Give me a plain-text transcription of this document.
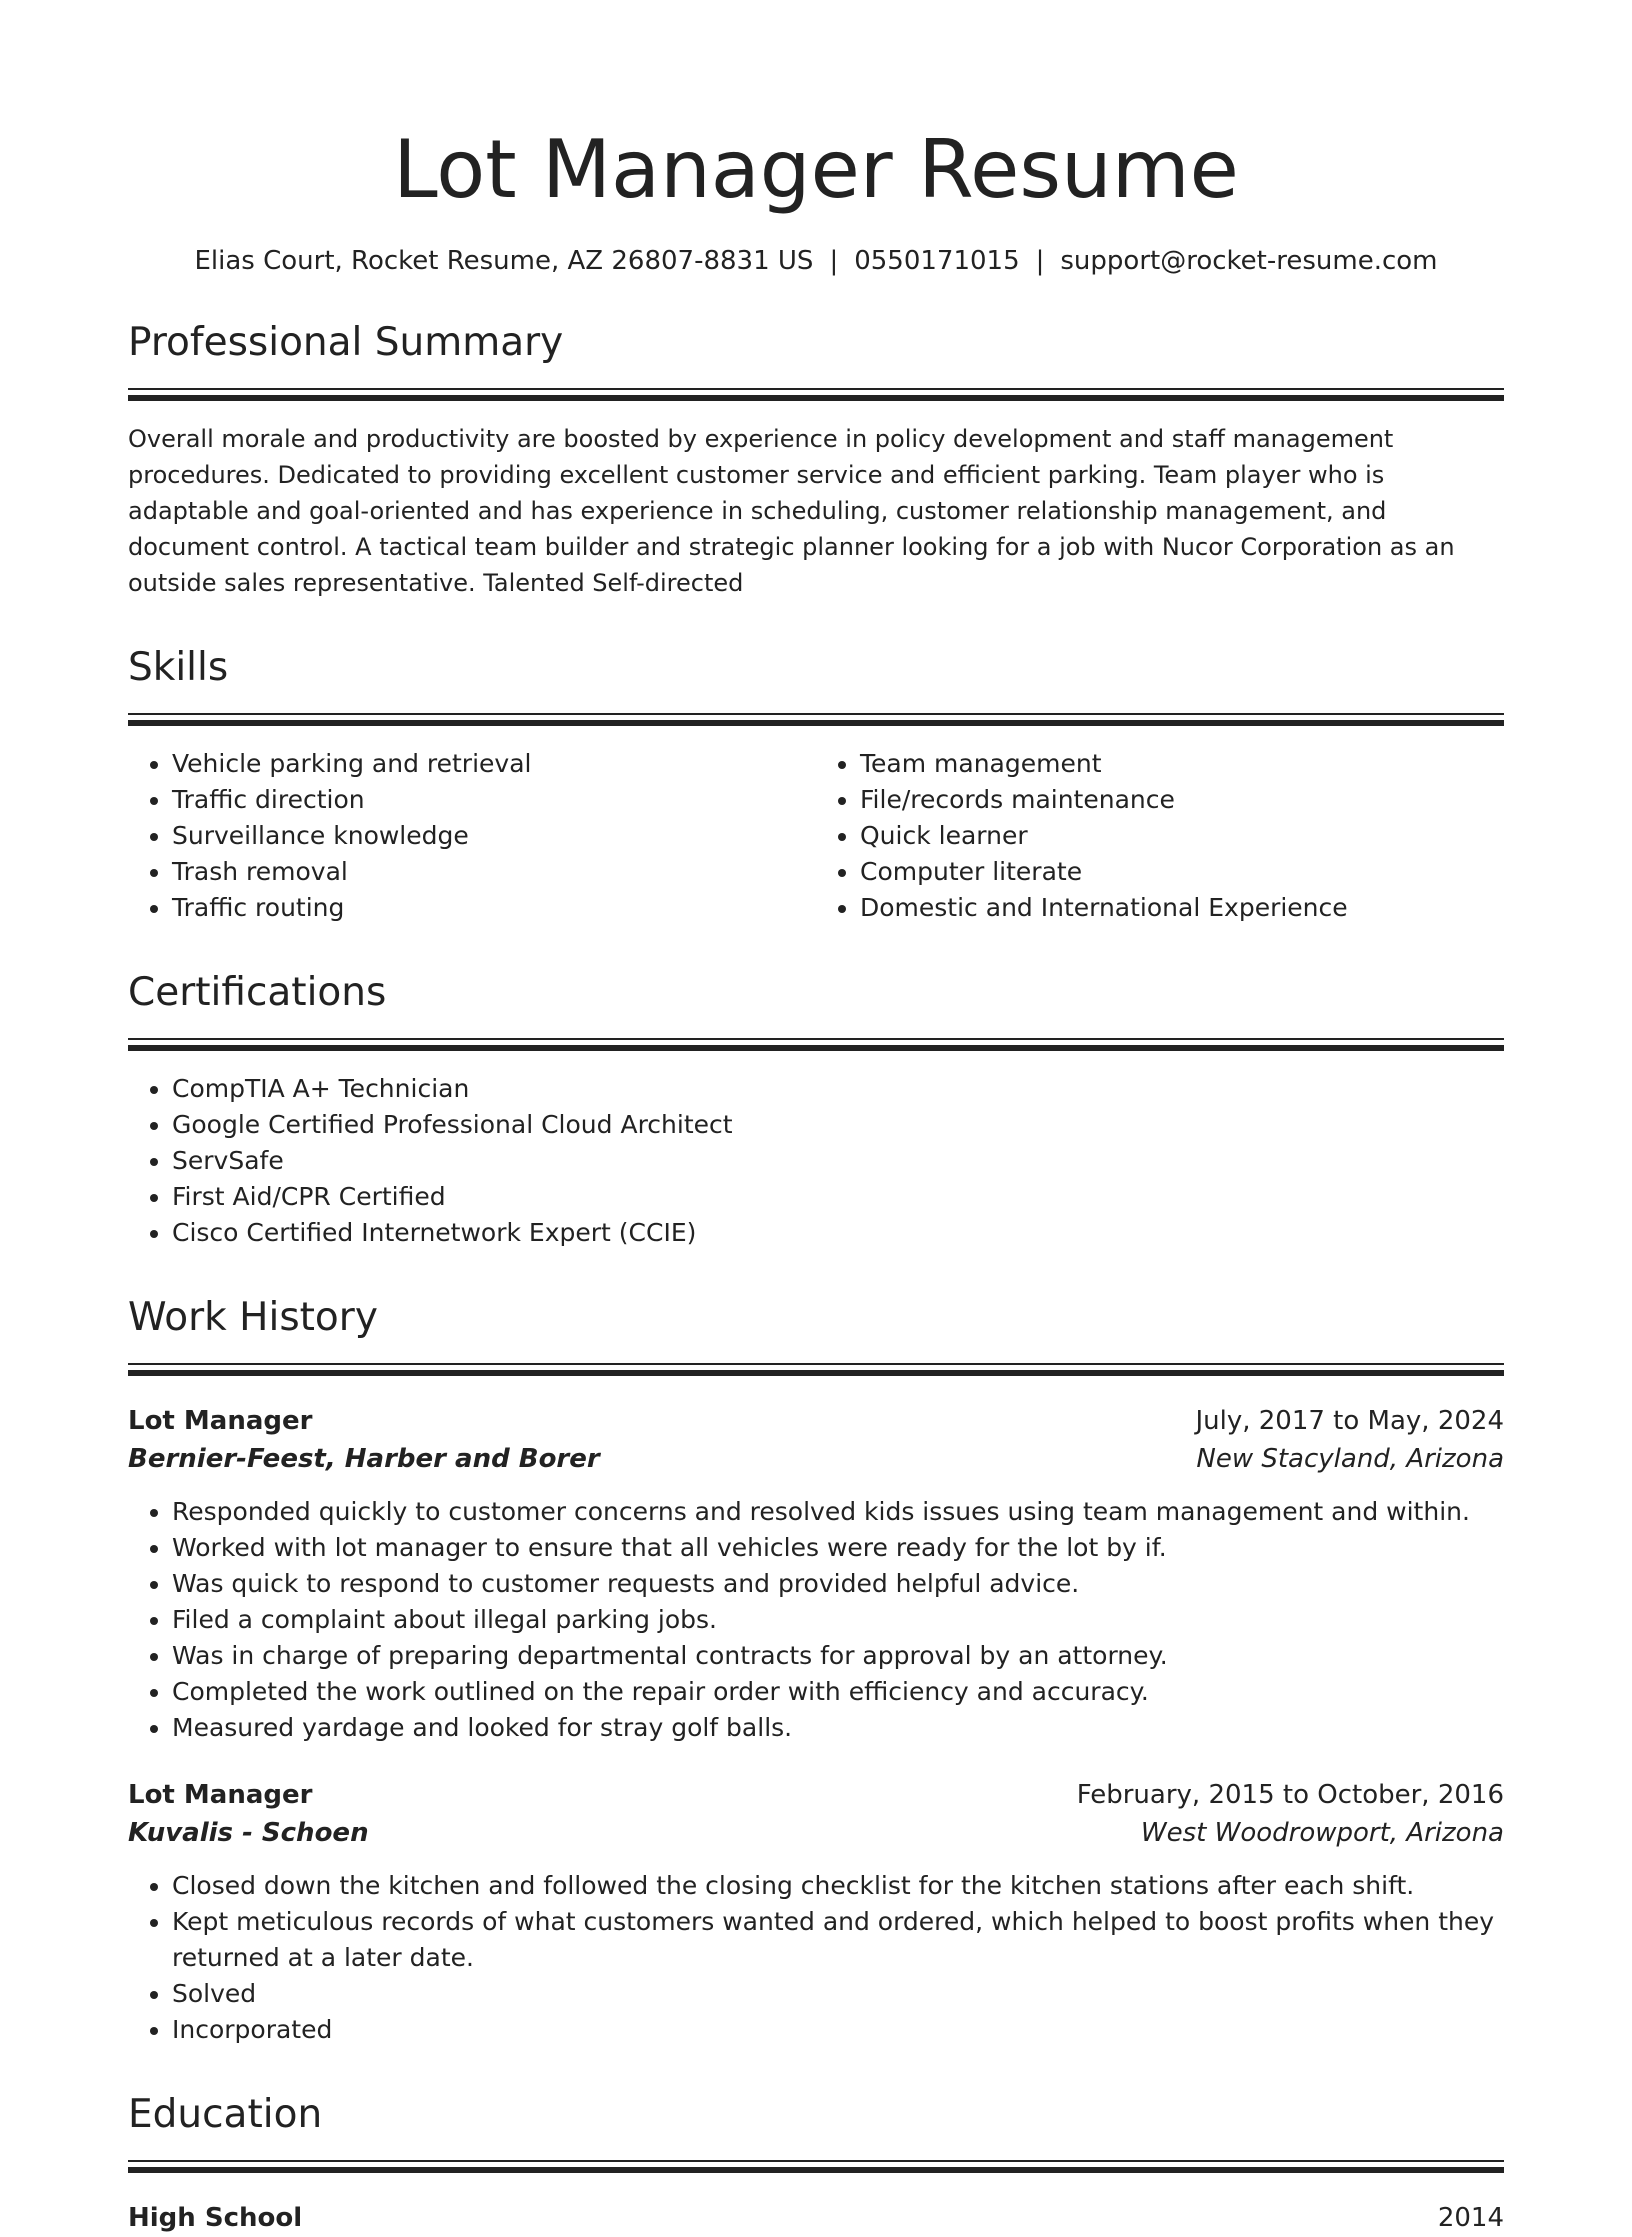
Lot Manager Resume
Elias Court, Rocket Resume, AZ 26807-8831 US | 0550171015 | support@rocket-resume.com
Professional Summary
Overall morale and productivity are boosted by experience in policy development and staff management procedures. Dedicated to providing excellent customer service and efficient parking. Team player who is adaptable and goal-oriented and has experience in scheduling, customer relationship management, and document control. A tactical team builder and strategic planner looking for a job with Nucor Corporation as an outside sales representative. Talented Self-directed
Skills
• Vehicle parking and retrieval
• Traffic direction
• Surveillance knowledge
• Trash removal
• Traffic routing
• Team management
• File/records maintenance
• Quick learner
• Computer literate
• Domestic and International Experience
Certifications
• CompTIA A+ Technician
• Google Certified Professional Cloud Architect
• ServSafe
• First Aid/CPR Certified
• Cisco Certified Internetwork Expert (CCIE)
Work History
Lot Manager	July, 2017 to May, 2024
Bernier-Feest, Harber and Borer	New Stacyland, Arizona
• Responded quickly to customer concerns and resolved kids issues using team management and within.
• Worked with lot manager to ensure that all vehicles were ready for the lot by if.
• Was quick to respond to customer requests and provided helpful advice.
• Filed a complaint about illegal parking jobs.
• Was in charge of preparing departmental contracts for approval by an attorney.
• Completed the work outlined on the repair order with efficiency and accuracy.
• Measured yardage and looked for stray golf balls.
Lot Manager	February, 2015 to October, 2016
Kuvalis - Schoen	West Woodrowport, Arizona
• Closed down the kitchen and followed the closing checklist for the kitchen stations after each shift.
• Kept meticulous records of what customers wanted and ordered, which helped to boost profits when they returned at a later date.
• Solved
• Incorporated
Education
High School	2014
